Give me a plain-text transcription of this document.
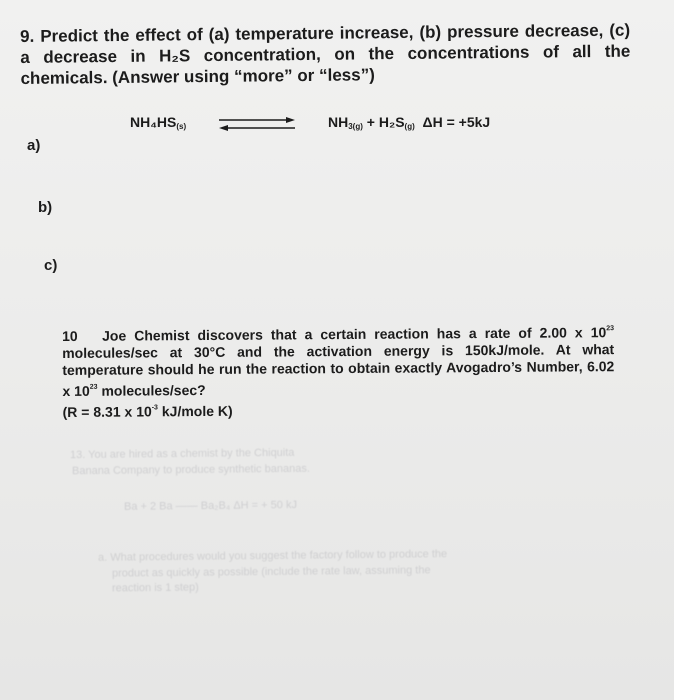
9. Predict the effect of (a) temperature increase, (b) pressure decrease, (c) a decrease in H₂S concentration, on the concentrations of all the chemicals. (Answer using “more” or “less”)
$NH_4HS_{(s)}$	$NH_{3(g)} + H_2S_{(g)}$ ΔH = +5kJ
a)
b)
c)
10 Joe Chemist discovers that a certain reaction has a rate of 2.00 x $10^{23}$ molecules/sec at 30°C and the activation energy is 150kJ/mole. At what temperature should he run the reaction to obtain exactly Avogadro’s Number, 6.02 x $10^{23}$ molecules/sec?
(R = 8.31 x $10^{-3}$ kJ/mole K)
13. You are hired as a chemist by the Chiquita
Banana Company to produce synthetic bananas.
Ba + 2 Ba —— Ba₂B₄ ΔH = + 50 kJ
a. What procedures would you suggest the factory follow to produce the
product as quickly as possible (include the rate law, assuming the
reaction is 1 step)
